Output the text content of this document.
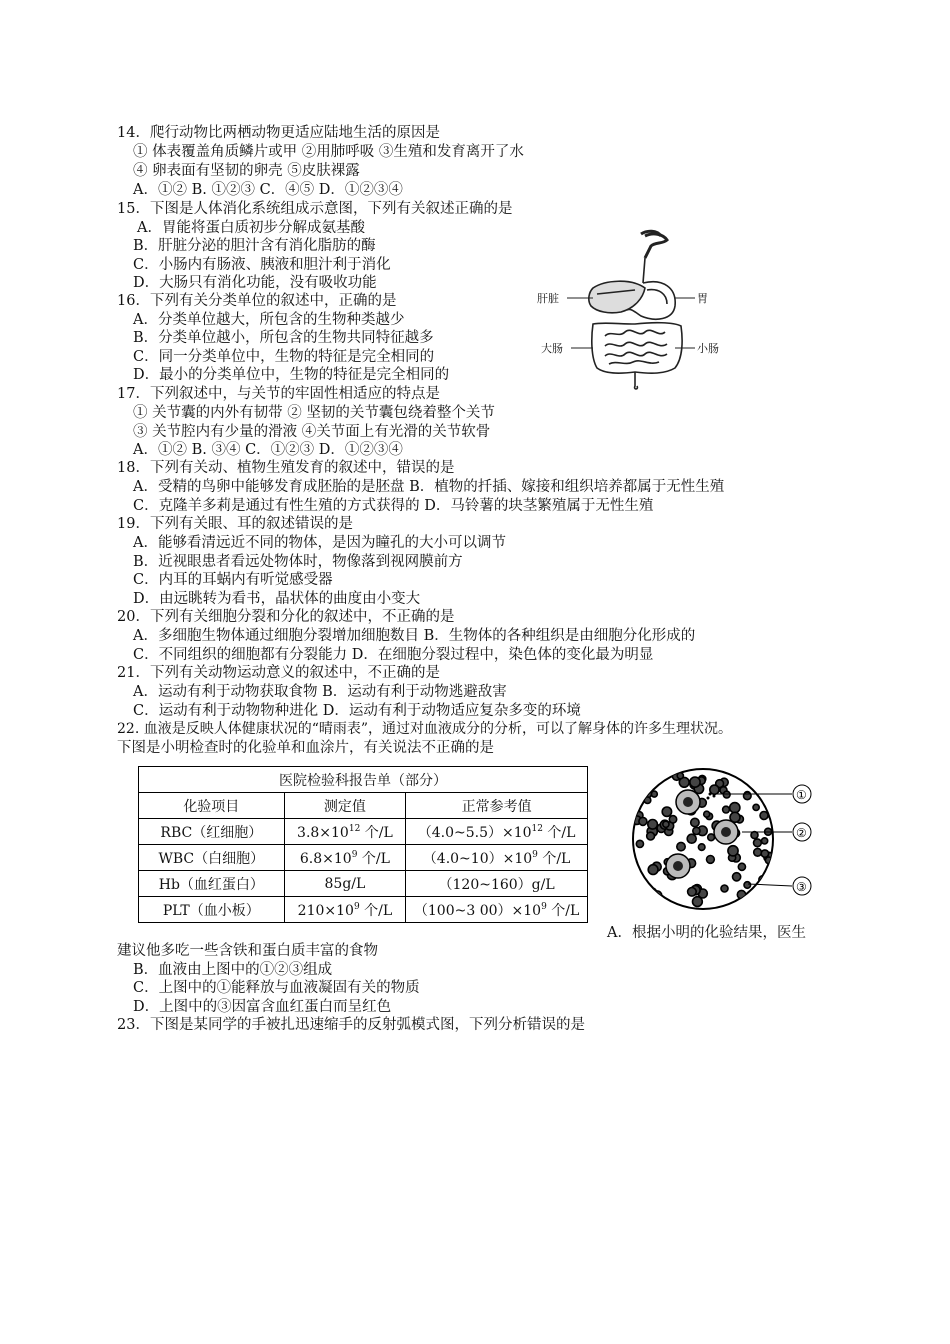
14．爬行动物比两栖动物更适应陆地生活的原因是
① 体表覆盖角质鳞片或甲 ②用肺呼吸 ③生殖和发育离开了水
④ 卵表面有坚韧的卵壳 ⑤皮肤裸露
A．①② B. ①②③ C．④⑤ D．①②③④
15．下图是人体消化系统组成示意图，下列有关叙述正确的是
A．胃能将蛋白质初步分解成氨基酸
B．肝脏分泌的胆汁含有消化脂肪的酶
C．小肠内有肠液、胰液和胆汁利于消化
D．大肠只有消化功能，没有吸收功能
16．下列有关分类单位的叙述中，正确的是
A．分类单位越大，所包含的生物种类越少
B．分类单位越小，所包含的生物共同特征越多
C．同一分类单位中，生物的特征是完全相同的
D．最小的分类单位中，生物的特征是完全相同的
17．下列叙述中，与关节的牢固性相适应的特点是
① 关节囊的内外有韧带 ② 坚韧的关节囊包绕着整个关节
③ 关节腔内有少量的滑液 ④关节面上有光滑的关节软骨
A．①② B. ③④ C．①②③ D．①②③④
18．下列有关动、植物生殖发育的叙述中，错误的是
A．受精的鸟卵中能够发育成胚胎的是胚盘 B．植物的扦插、嫁接和组织培养都属于无性生殖
C．克隆羊多莉是通过有性生殖的方式获得的 D．马铃薯的块茎繁殖属于无性生殖
19．下列有关眼、耳的叙述错误的是
A．能够看清远近不同的物体，是因为瞳孔的大小可以调节
B．近视眼患者看远处物体时，物像落到视网膜前方
C．内耳的耳蜗内有听觉感受器
D．由远眺转为看书，晶状体的曲度由小变大
20．下列有关细胞分裂和分化的叙述中，不正确的是
A．多细胞生物体通过细胞分裂增加细胞数目 B．生物体的各种组织是由细胞分化形成的
C．不同组织的细胞都有分裂能力 D．在细胞分裂过程中，染色体的变化最为明显
21．下列有关动物运动意义的叙述中，不正确的是
A．运动有利于动物获取食物 B．运动有利于动物逃避敌害
C．运动有利于动物物种进化 D．运动有利于动物适应复杂多变的环境
22. 血液是反映人体健康状况的“晴雨表”，通过对血液成分的分析，可以了解身体的许多生理状况。
下图是小明检查时的化验单和血涂片，有关说法不正确的是
A．根据小明的化验结果，医生
建议他多吃一些含铁和蛋白质丰富的食物
B．血液由上图中的①②③组成
C．上图中的①能释放与血液凝固有关的物质
D．上图中的③因富含血红蛋白而呈红色
23．下图是某同学的手被扎迅速缩手的反射弧模式图，下列分析错误的是
肝脏	胃
大肠	小肠
医院检验科报告单（部分）		
化验项目	测定值	正常参考值
RBC（红细胞）	$3.8\times 10^{12}$ 个/L	$(4.0\sim 5.5)\times 10^{12}$ 个/L
WBC（白细胞）	$6.8\times 10^9$ 个/L	$(4.0\sim 10)\times 10^9$ 个/L
Hb（血红蛋白）	85g/L	（120~160）g/L
PLT（血小板）	$210\times 10^9$ 个/L	（100~3 $00)\times 10^9$ 个/L
①
②
③
